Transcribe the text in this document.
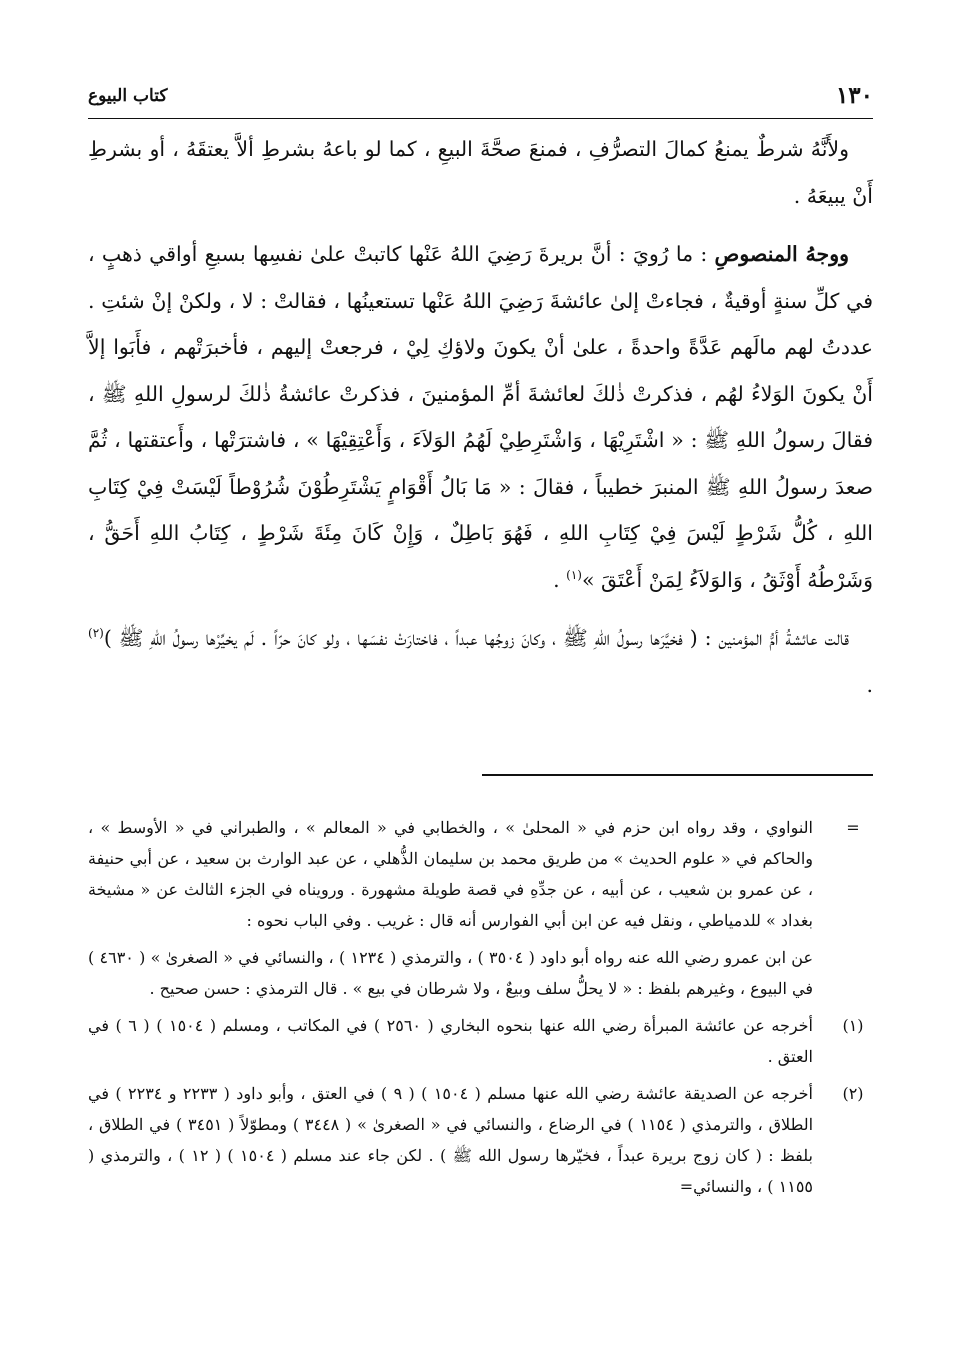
١٣٠
كتاب البيوع

ولأَنَّهُ شرطٌ يمنعُ كمالَ التصرُّفِ ، فمنعَ صحَّةَ البيعِ ، كما لو باعهُ بشرطِ ألاَّ يعتقَهُ ، أو بشرطِ أَنْ يبيعَهُ .

ووجهُ المنصوصِ : ما رُويَ : أنَّ بريرةَ رَضِيَ اللهُ عَنْها كاتبتْ علىٰ نفسِها بسبعِ أواقي ذهبٍ ، في كلِّ سنةٍ أوقيةٌ ، فجاءتْ إلىٰ عائشةَ رَضِيَ اللهُ عَنْها تستعينُها ، فقالتْ : لا ، ولكنْ إنْ شئتِ . عددتُ لهم مالَهم عَدَّةً واحدةً ، علىٰ أنْ يكونَ ولاؤكِ لِيْ ، فرجعتْ إليهم ، فأخبرَتْهم ، فأَبَوا إلاَّ أَنْ يكونَ الوَلاءُ لهُم ، فذكرتْ ذٰلكَ لعائشةَ أمِّ المؤمنينَ ، فذكرتْ عائشةُ ذٰلكَ لرسولِ اللهِ ﷺ ، فقالَ رسولُ اللهِ ﷺ : « اشْتَرِيْهَا ، وَاشْتَرِطِيْ لَهُمُ الوَلاَءَ ، وَأَعْتِقِيْهَا » ، فاشترَتْها ، وأَعتقتها ، ثُمَّ صعدَ رسولُ اللهِ ﷺ المنبرَ خطيباً ، فقالَ : « مَا بَالُ أَقْوَامٍ يَشْتَرِطُوْنَ شُرُوْطاً لَيْسَتْ فِيْ كِتَابِ اللهِ ، كُلُّ شَرْطٍ لَيْسَ فِيْ كِتَابِ اللهِ ، فَهُوَ بَاطِلٌ ، وَإِنْ كَانَ مِئَةَ شَرْطٍ ، كِتَابُ اللهِ أَحَقُّ ، وَشَرْطُهُ أَوْثَقُ ، وَالوَلاَءُ لِمَنْ أَعْتَقَ »$^{(١)}$ .

قالت عائشةُ أمُّ المؤمنين : ( فخيَّرَها رسولُ اللهِ ﷺ ، وكانَ زوجُها عبداً ، فاختارَتْ نفسَها ، ولو كانَ حرّاً . لَم يخيِّرْها رسولُ اللهِ ﷺ )$^{(٢)}$ .

=
النواوي ، وقد رواه ابن حزم في « المحلىٰ » ، والخطابي في « المعالم » ، والطبراني في « الأوسط » ، والحاكم في « علوم الحديث » من طريق محمد بن سليمان الذُّهلي ، عن عبد الوارث بن سعيد ، عن أبي حنيفة ، عن عمرو بن شعيب ، عن أبيه ، عن جدِّهِ في قصة طويلة مشهورة . ورويناه في الجزء الثالث عن « مشيخة بغداد » للدمياطي ، ونقل فيه عن ابن أبي الفوارس أنه قال : غريب . وفي الباب نحوه :
عن ابن عمرو رضي الله عنه رواه أبو داود ( ٣٥٠٤ ) ، والترمذي ( ١٢٣٤ ) ، والنسائي في « الصغرىٰ » ( ٤٦٣٠ ) في البيوع ، وغيرهم بلفظ : « لا يحلُّ سلف وبيعٌ ، ولا شرطان في بيع » . قال الترمذي : حسن صحيح .
(١)
أخرجه عن عائشة المبرأة رضي الله عنها بنحوه البخاري ( ٢٥٦٠ ) في المكاتب ، ومسلم ( ١٥٠٤ ) ( ٦ ) في العتق .
(٢)
أخرجه عن الصديقة عائشة رضي الله عنها مسلم ( ١٥٠٤ ) ( ٩ ) في العتق ، وأبو داود ( ٢٢٣٣ و ٢٢٣٤ ) في الطلاق ، والترمذي ( ١١٥٤ ) في الرضاع ، والنسائي في « الصغرىٰ » ( ٣٤٤٨ ) ومطوّلاً ( ٣٤٥١ ) في الطلاق ، بلفظ : ( كان زوج بريرة عبداً ، فخيّرها رسول الله ﷺ ) . لكن جاء عند مسلم ( ١٥٠٤ ) ( ١٢ ) ، والترمذي ( ١١٥٥ ) ، والنسائي=
